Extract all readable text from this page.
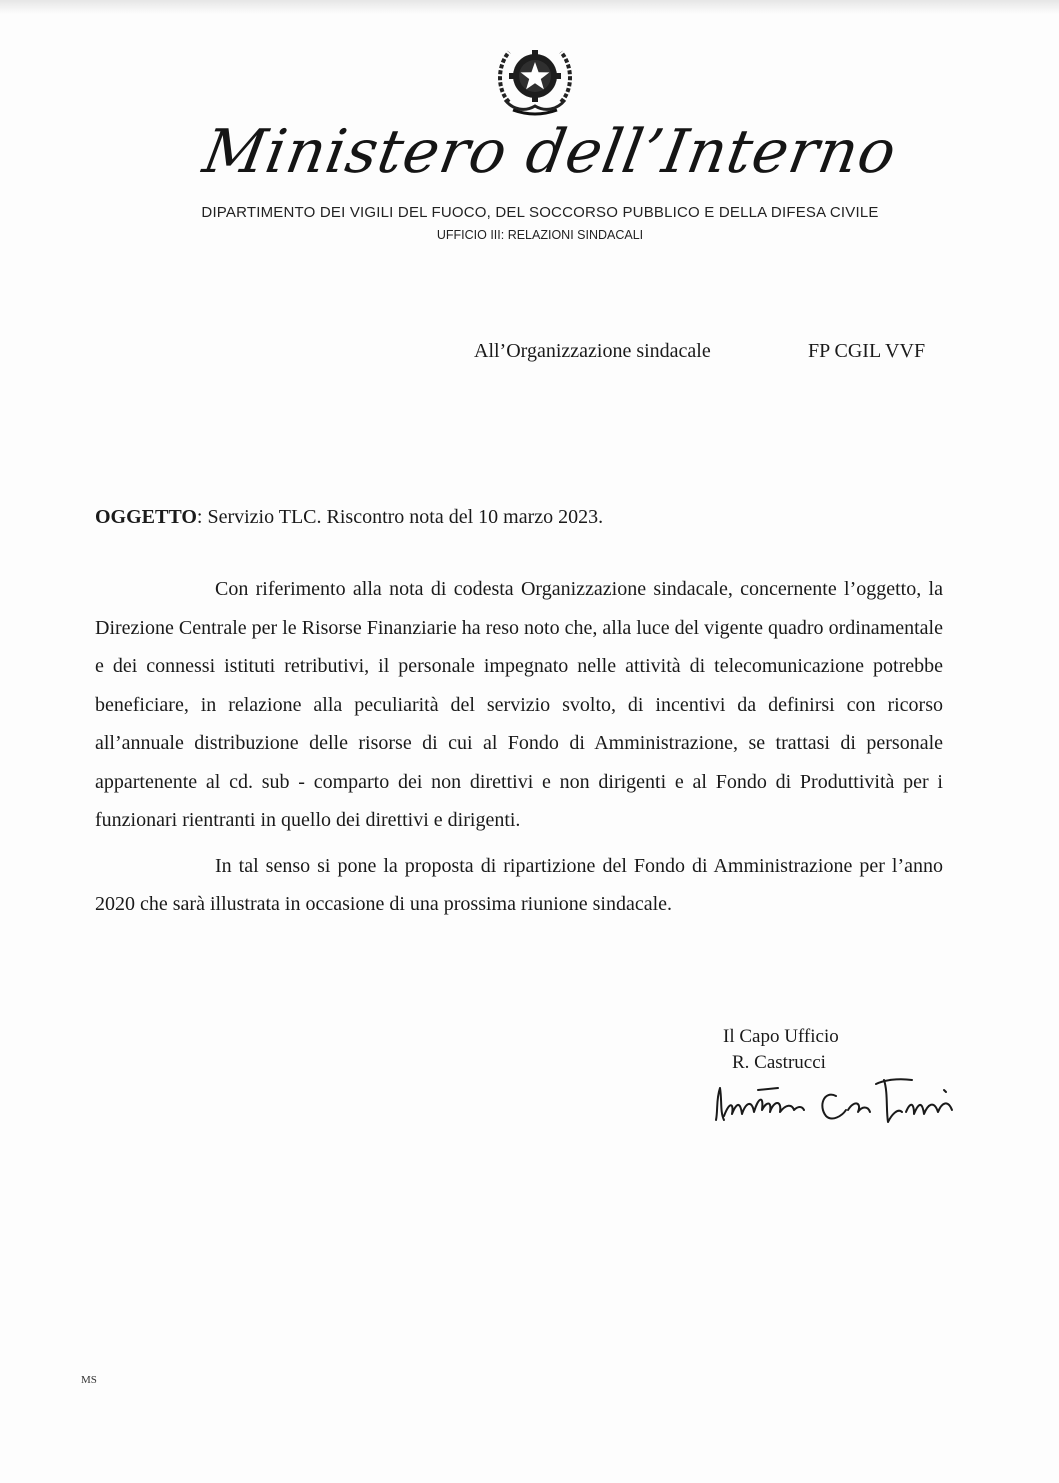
Ministero dell’Interno
DIPARTIMENTO DEI VIGILI DEL FUOCO, DEL SOCCORSO PUBBLICO E DELLA DIFESA CIVILE
UFFICIO III: RELAZIONI SINDACALI
All’Organizzazione sindacale	FP CGIL VVF
OGGETTO: Servizio TLC. Riscontro nota del 10 marzo 2023.

Con riferimento alla nota di codesta Organizzazione sindacale, concernente l’oggetto, la Direzione Centrale per le Risorse Finanziarie ha reso noto che, alla luce del vigente quadro ordinamentale e dei connessi istituti retributivi, il personale impegnato nelle attività di telecomunicazione potrebbe beneficiare, in relazione alla peculiarità del servizio svolto, di incentivi da definirsi con ricorso all’annuale distribuzione delle risorse di cui al Fondo di Amministrazione, se trattasi di personale appartenente al cd. sub - comparto dei non direttivi e non dirigenti e al Fondo di Produttività per i funzionari rientranti in quello dei direttivi e dirigenti.

In tal senso si pone la proposta di ripartizione del Fondo di Amministrazione per l’anno 2020 che sarà illustrata in occasione di una prossima riunione sindacale.

Il Capo Ufficio
R. Castrucci
MS
